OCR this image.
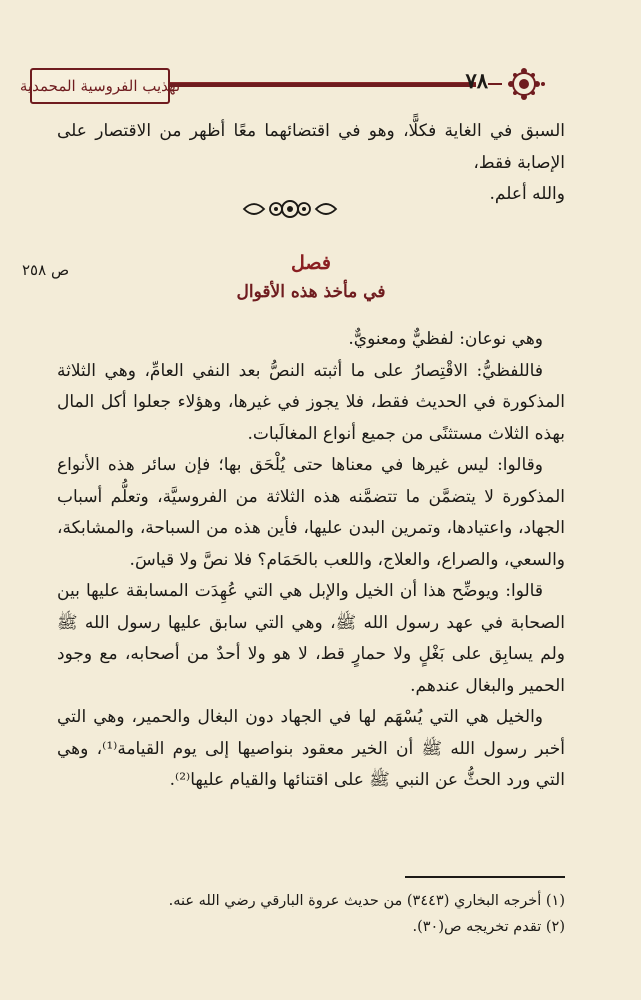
تهذيب الفروسية المحمدية	٧٨

السبق في الغاية فكلًّا، وهو في اقتضائهما معًا أظهر من الاقتصار على الإصابة فقط،

والله أعلم.

ص ٢٥٨	فصل
في مأخذ هذه الأقوال

وهي نوعان: لفظيٌّ ومعنويٌّ.

فاللفظيُّ: الاقْتِصارُ على ما أثبته النصُّ بعد النفي العامِّ، وهي الثلاثة المذكورة في الحديث فقط، فلا يجوز في غيرها، وهؤلاء جعلوا أكل المال بهذه الثلاث مستثنًى من جميع أنواع المغالَبات.

وقالوا: ليس غيرها في معناها حتى يُلْحَق بها؛ فإن سائر هذه الأنواع المذكورة لا يتضمَّن ما تتضمَّنه هذه الثلاثة من الفروسيَّة، وتعلُّم أسباب الجهاد، واعتيادها، وتمرين البدن عليها، فأين هذه من السباحة، والمشابكة، والسعي، والصراع، والعلاج، واللعب بالحَمَام؟ فلا نصَّ ولا قياسَ.

قالوا: ويوضِّح هذا أن الخيل والإبل هي التي عُهِدَت المسابقة عليها بين الصحابة في عهد رسول الله ﷺ، وهي التي سابق عليها رسول الله ﷺ ولم يسابِق على بَغْلٍ ولا حمارٍ قط، لا هو ولا أحدٌ من أصحابه، مع وجود الحمير والبغال عندهم.

والخيل هي التي يُسْهَم لها في الجهاد دون البغال والحمير، وهي التي أخبر رسول الله ﷺ أن الخير معقود بنواصيها إلى يوم القيامة⁽¹⁾، وهي التي ورد الحثُّ عن النبي ﷺ على اقتنائها والقيام عليها⁽²⁾.

(١) أخرجه البخاري (٣٤٤٣) من حديث عروة البارقي رضي الله عنه.

(٢) تقدم تخريجه ص(٣٠).
